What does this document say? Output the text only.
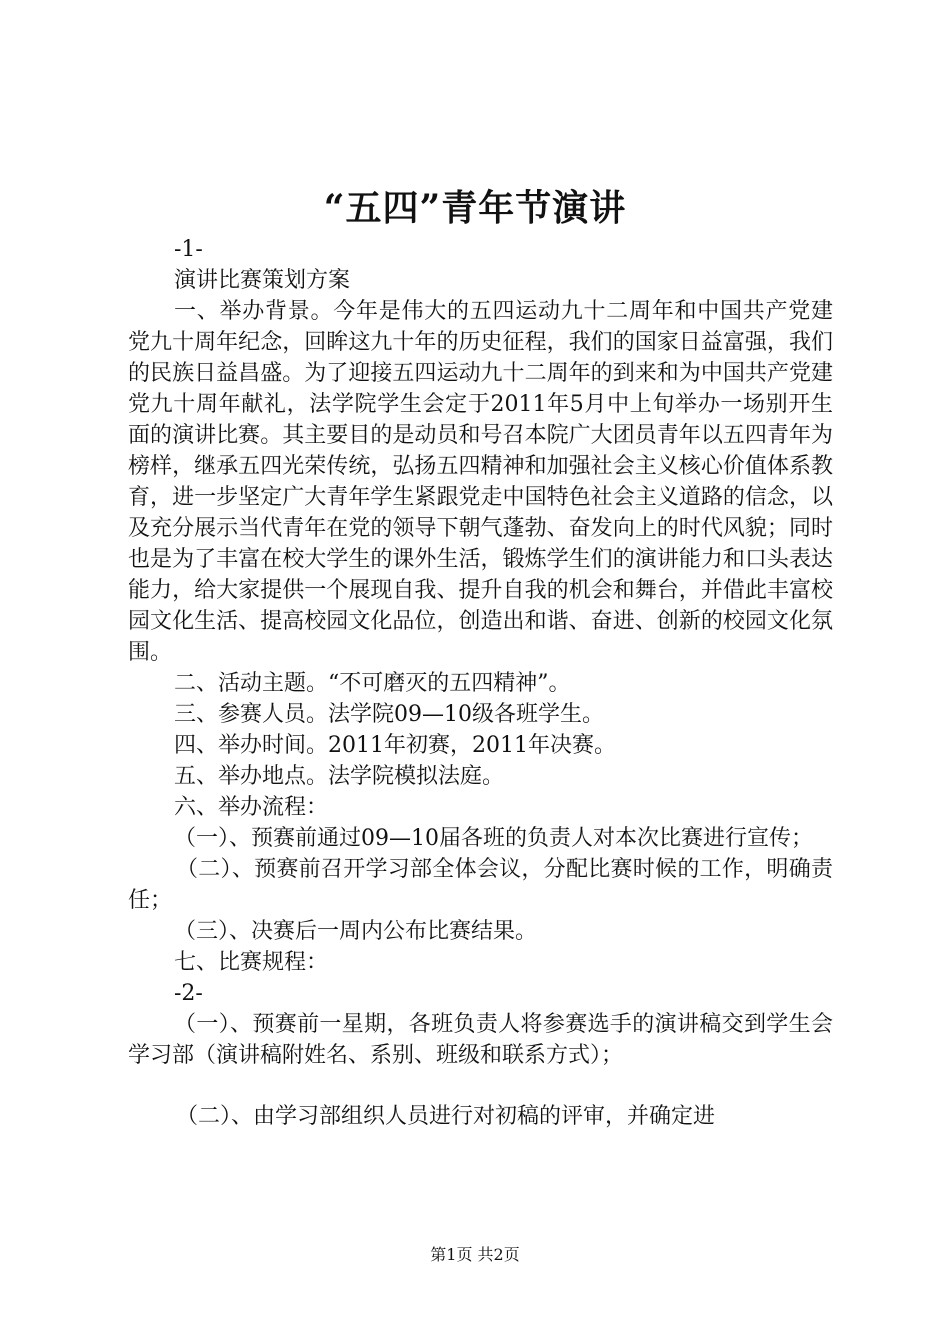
“五四”青年节演讲

-1-

演讲比赛策划方案

一、举办背景。今年是伟大的五四运动九十二周年和中国共产党建党九十周年纪念，回眸这九十年的历史征程，我们的国家日益富强，我们的民族日益昌盛。为了迎接五四运动九十二周年的到来和为中国共产党建党九十周年献礼，法学院学生会定于2011年5月中上旬举办一场别开生面的演讲比赛。其主要目的是动员和号召本院广大团员青年以五四青年为榜样，继承五四光荣传统，弘扬五四精神和加强社会主义核心价值体系教育，进一步坚定广大青年学生紧跟党走中国特色社会主义道路的信念，以及充分展示当代青年在党的领导下朝气蓬勃、奋发向上的时代风貌；同时也是为了丰富在校大学生的课外生活，锻炼学生们的演讲能力和口头表达能力，给大家提供一个展现自我、提升自我的机会和舞台，并借此丰富校园文化生活、提高校园文化品位，创造出和谐、奋进、创新的校园文化氛围。

二、活动主题。“不可磨灭的五四精神”。

三、参赛人员。法学院09—10级各班学生。

四、举办时间。2011年初赛，2011年决赛。

五、举办地点。法学院模拟法庭。

六、举办流程：

（一）、预赛前通过09—10届各班的负责人对本次比赛进行宣传；

（二）、预赛前召开学习部全体会议，分配比赛时候的工作，明确责任；

（三）、决赛后一周内公布比赛结果。

七、比赛规程：

-2-

（一）、预赛前一星期，各班负责人将参赛选手的演讲稿交到学生会学习部（演讲稿附姓名、系别、班级和联系方式）；

（二）、由学习部组织人员进行对初稿的评审，并确定进

第1页 共2页
